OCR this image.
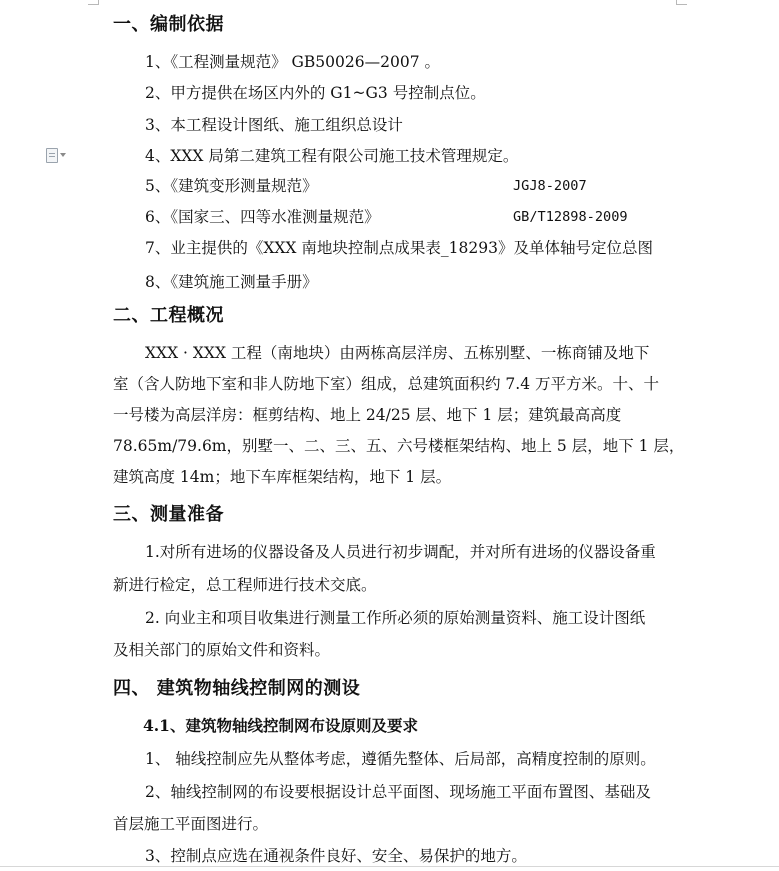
一、编制依据
1、《工程测量规范》 GB50026—2007 。
2、甲方提供在场区内外的 G1~G3 号控制点位。
3、本工程设计图纸、施工组织总设计
4、XXX 局第二建筑工程有限公司施工技术管理规定。
5、《建筑变形测量规范》	JGJ8-2007
6、《国家三、四等水准测量规范》	GB/T12898-2009
7、业主提供的《XXX 南地块控制点成果表_18293》及单体轴号定位总图
8、《建筑施工测量手册》
二、工程概况
XXX · XXX 工程（南地块）由两栋高层洋房、五栋别墅、一栋商铺及地下
室（含人防地下室和非人防地下室）组成，总建筑面积约 7.4 万平方米。十、十
一号楼为高层洋房：框剪结构、地上 24/25 层、地下 1 层；建筑最高高度
78.65m/79.6m，别墅一、二、三、五、六号楼框架结构、地上 5 层，地下 1 层，
建筑高度 14m；地下车库框架结构，地下 1 层。
三、测量准备
1.对所有进场的仪器设备及人员进行初步调配，并对所有进场的仪器设备重
新进行检定，总工程师进行技术交底。
2. 向业主和项目收集进行测量工作所必须的原始测量资料、施工设计图纸
及相关部门的原始文件和资料。
四、 建筑物轴线控制网的测设
4.1、建筑物轴线控制网布设原则及要求
1、 轴线控制应先从整体考虑，遵循先整体、后局部，高精度控制的原则。
2、轴线控制网的布设要根据设计总平面图、现场施工平面布置图、基础及
首层施工平面图进行。
3、控制点应选在通视条件良好、安全、易保护的地方。
